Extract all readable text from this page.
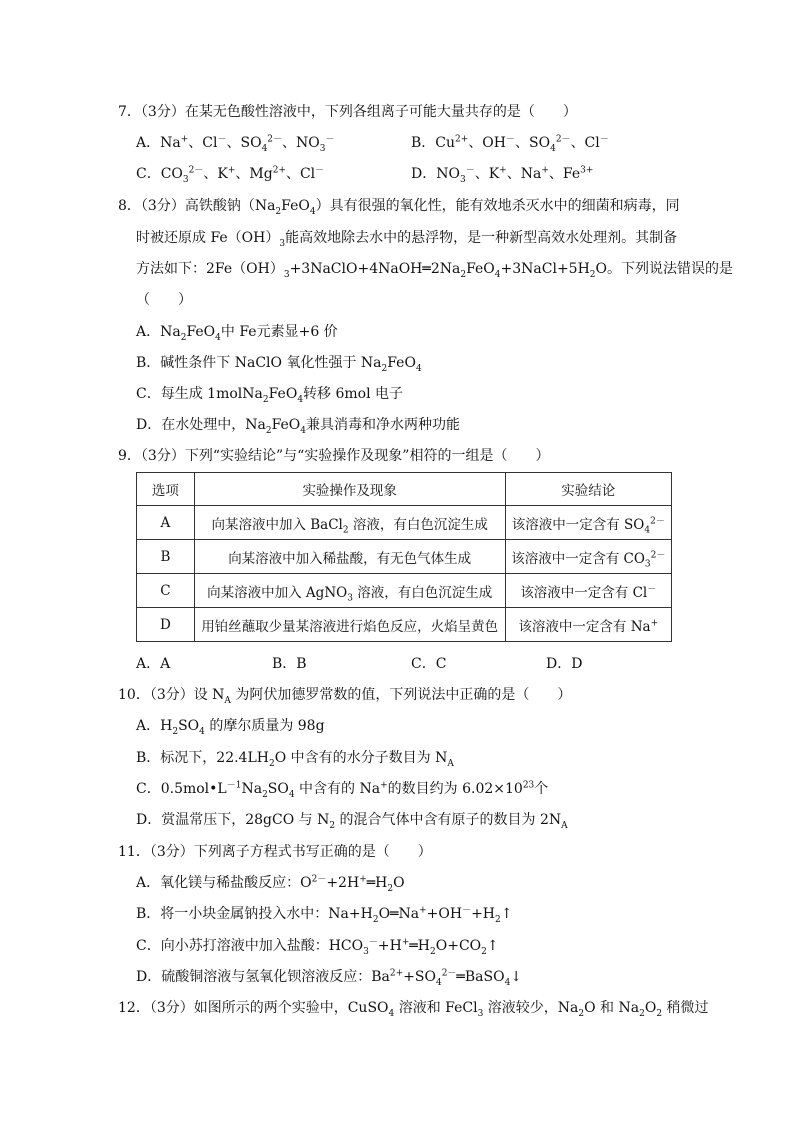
7．（3分）在某无色酸性溶液中，下列各组离子可能大量共存的是（　　）
A．Na+、Cl－、$SO_4^{2-}$、$NO_3^-$	B．$Cu^{2+}$、OH－、$SO_4^{2-}$、Cl－
C．$CO_3^{2-}$、K+、$Mg^{2+}$、Cl－	D．$NO_3^-$、K+、Na+、$Fe^{3+}$
8．（3分）高铁酸钠$(Na_2FeO_4)$具有很强的氧化性，能有效地杀灭水中的细菌和病毒，同
时被还原成 $Fe(OH)_3$能高效地除去水中的悬浮物，是一种新型高效水处理剂。其制备
方法如下：$2Fe(OH)_3+3NaClO+4NaOH═2Na_2FeO_4+3NaCl+5H_2O$。下列说法错误的是
（　　）
A．$Na_2FeO_4$中 Fe元素显+6 价
B．碱性条件下 NaClO 氧化性强于 $Na_2FeO_4$
C．每生成 1molNa$_2$FeO$_4$转移 6mol 电子
D．在水处理中，$Na_2FeO_4$兼具消毒和净水两种功能
9．（3分）下列“实验结论”与“实验操作及现象”相符的一组是（　　）
选项	实验操作及现象	实验结论
A	向某溶液中加入 BaCl$_2$ 溶液，有白色沉淀生成	该溶液中一定含有 $SO_4^{2-}$
B	向某溶液中加入稀盐酸，有无色气体生成	该溶液中一定含有 $CO_3^{2-}$
C	向某溶液中加入 AgNO$_3$ 溶液，有白色沉淀生成	该溶液中一定含有 Cl－
D	用铂丝蘸取少量某溶液进行焰色反应，火焰呈黄色	该溶液中一定含有 Na+
A．A	B．B	C．C	D．D
10．（3分）设 $N_A$ 为阿伏加德罗常数的值，下列说法中正确的是（　　）
A．$H_2SO_4$ 的摩尔质量为 98g
B．标况下，$22.4LH_2O$ 中含有的水分子数目为 $N_A$
C．$0.5mol•L^{-1}Na_2SO_4$ 中含有的 Na+的数目约为 $6.02\times 10^{23}$个
D．赏温常压下，28gCO 与 $N_2$ 的混合气体中含有原子的数目为 $2N_A$
11．（3分）下列离子方程式书写正确的是（　　）
A．氧化镁与稀盐酸反应：$O^{2-}+2H^+═H_2O$
B．将一小块金属钠投入水中：$Na+H_2O═Na^++OH^-+H_2↑$
C．向小苏打溶液中加入盐酸：$HCO_3^-+H^+═H_2O+CO_2↑$
D．硫酸铜溶液与氢氧化钡溶液反应：$Ba^{2+}+SO_4^{2-}═BaSO_4↓$
12．（3分）如图所示的两个实验中，CuSO$_4$ 溶液和 FeCl$_3$ 溶液较少，$Na_2O$ 和 $Na_2O_2$ 稍微过
